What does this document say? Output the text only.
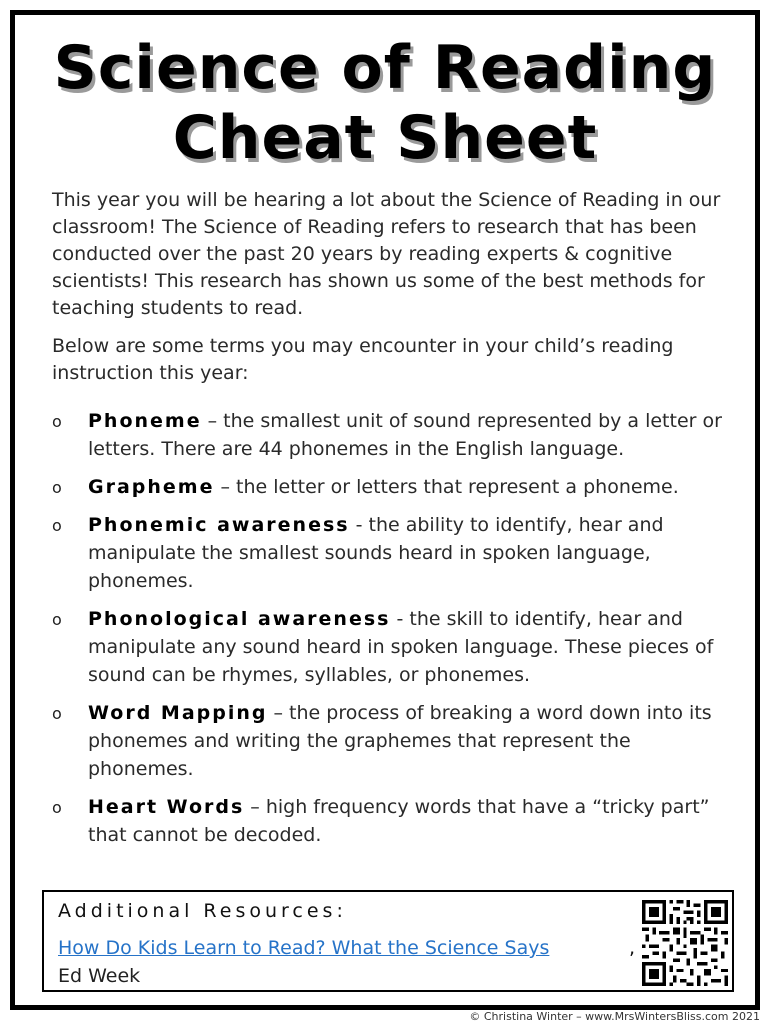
Science of Reading
Cheat Sheet

This year you will be hearing a lot about the Science of Reading in our classroom! The Science of Reading refers to research that has been conducted over the past 20 years by reading experts & cognitive scientists! This research has shown us some of the best methods for teaching students to read.

Below are some terms you may encounter in your child’s reading instruction this year:

o Phoneme – the smallest unit of sound represented by a letter or letters. There are 44 phonemes in the English language.
o Grapheme – the letter or letters that represent a phoneme.
o Phonemic awareness - the ability to identify, hear and manipulate the smallest sounds heard in spoken language, phonemes.
o Phonological awareness - the skill to identify, hear and manipulate any sound heard in spoken language. These pieces of sound can be rhymes, syllables, or phonemes.
o Word Mapping – the process of breaking a word down into its phonemes and writing the graphemes that represent the phonemes.
o Heart Words – high frequency words that have a “tricky part” that cannot be decoded.
Additional Resources:
How Do Kids Learn to Read? What the Science Says	,
Ed Week
© Christina Winter – www.MrsWintersBliss.com 2021
